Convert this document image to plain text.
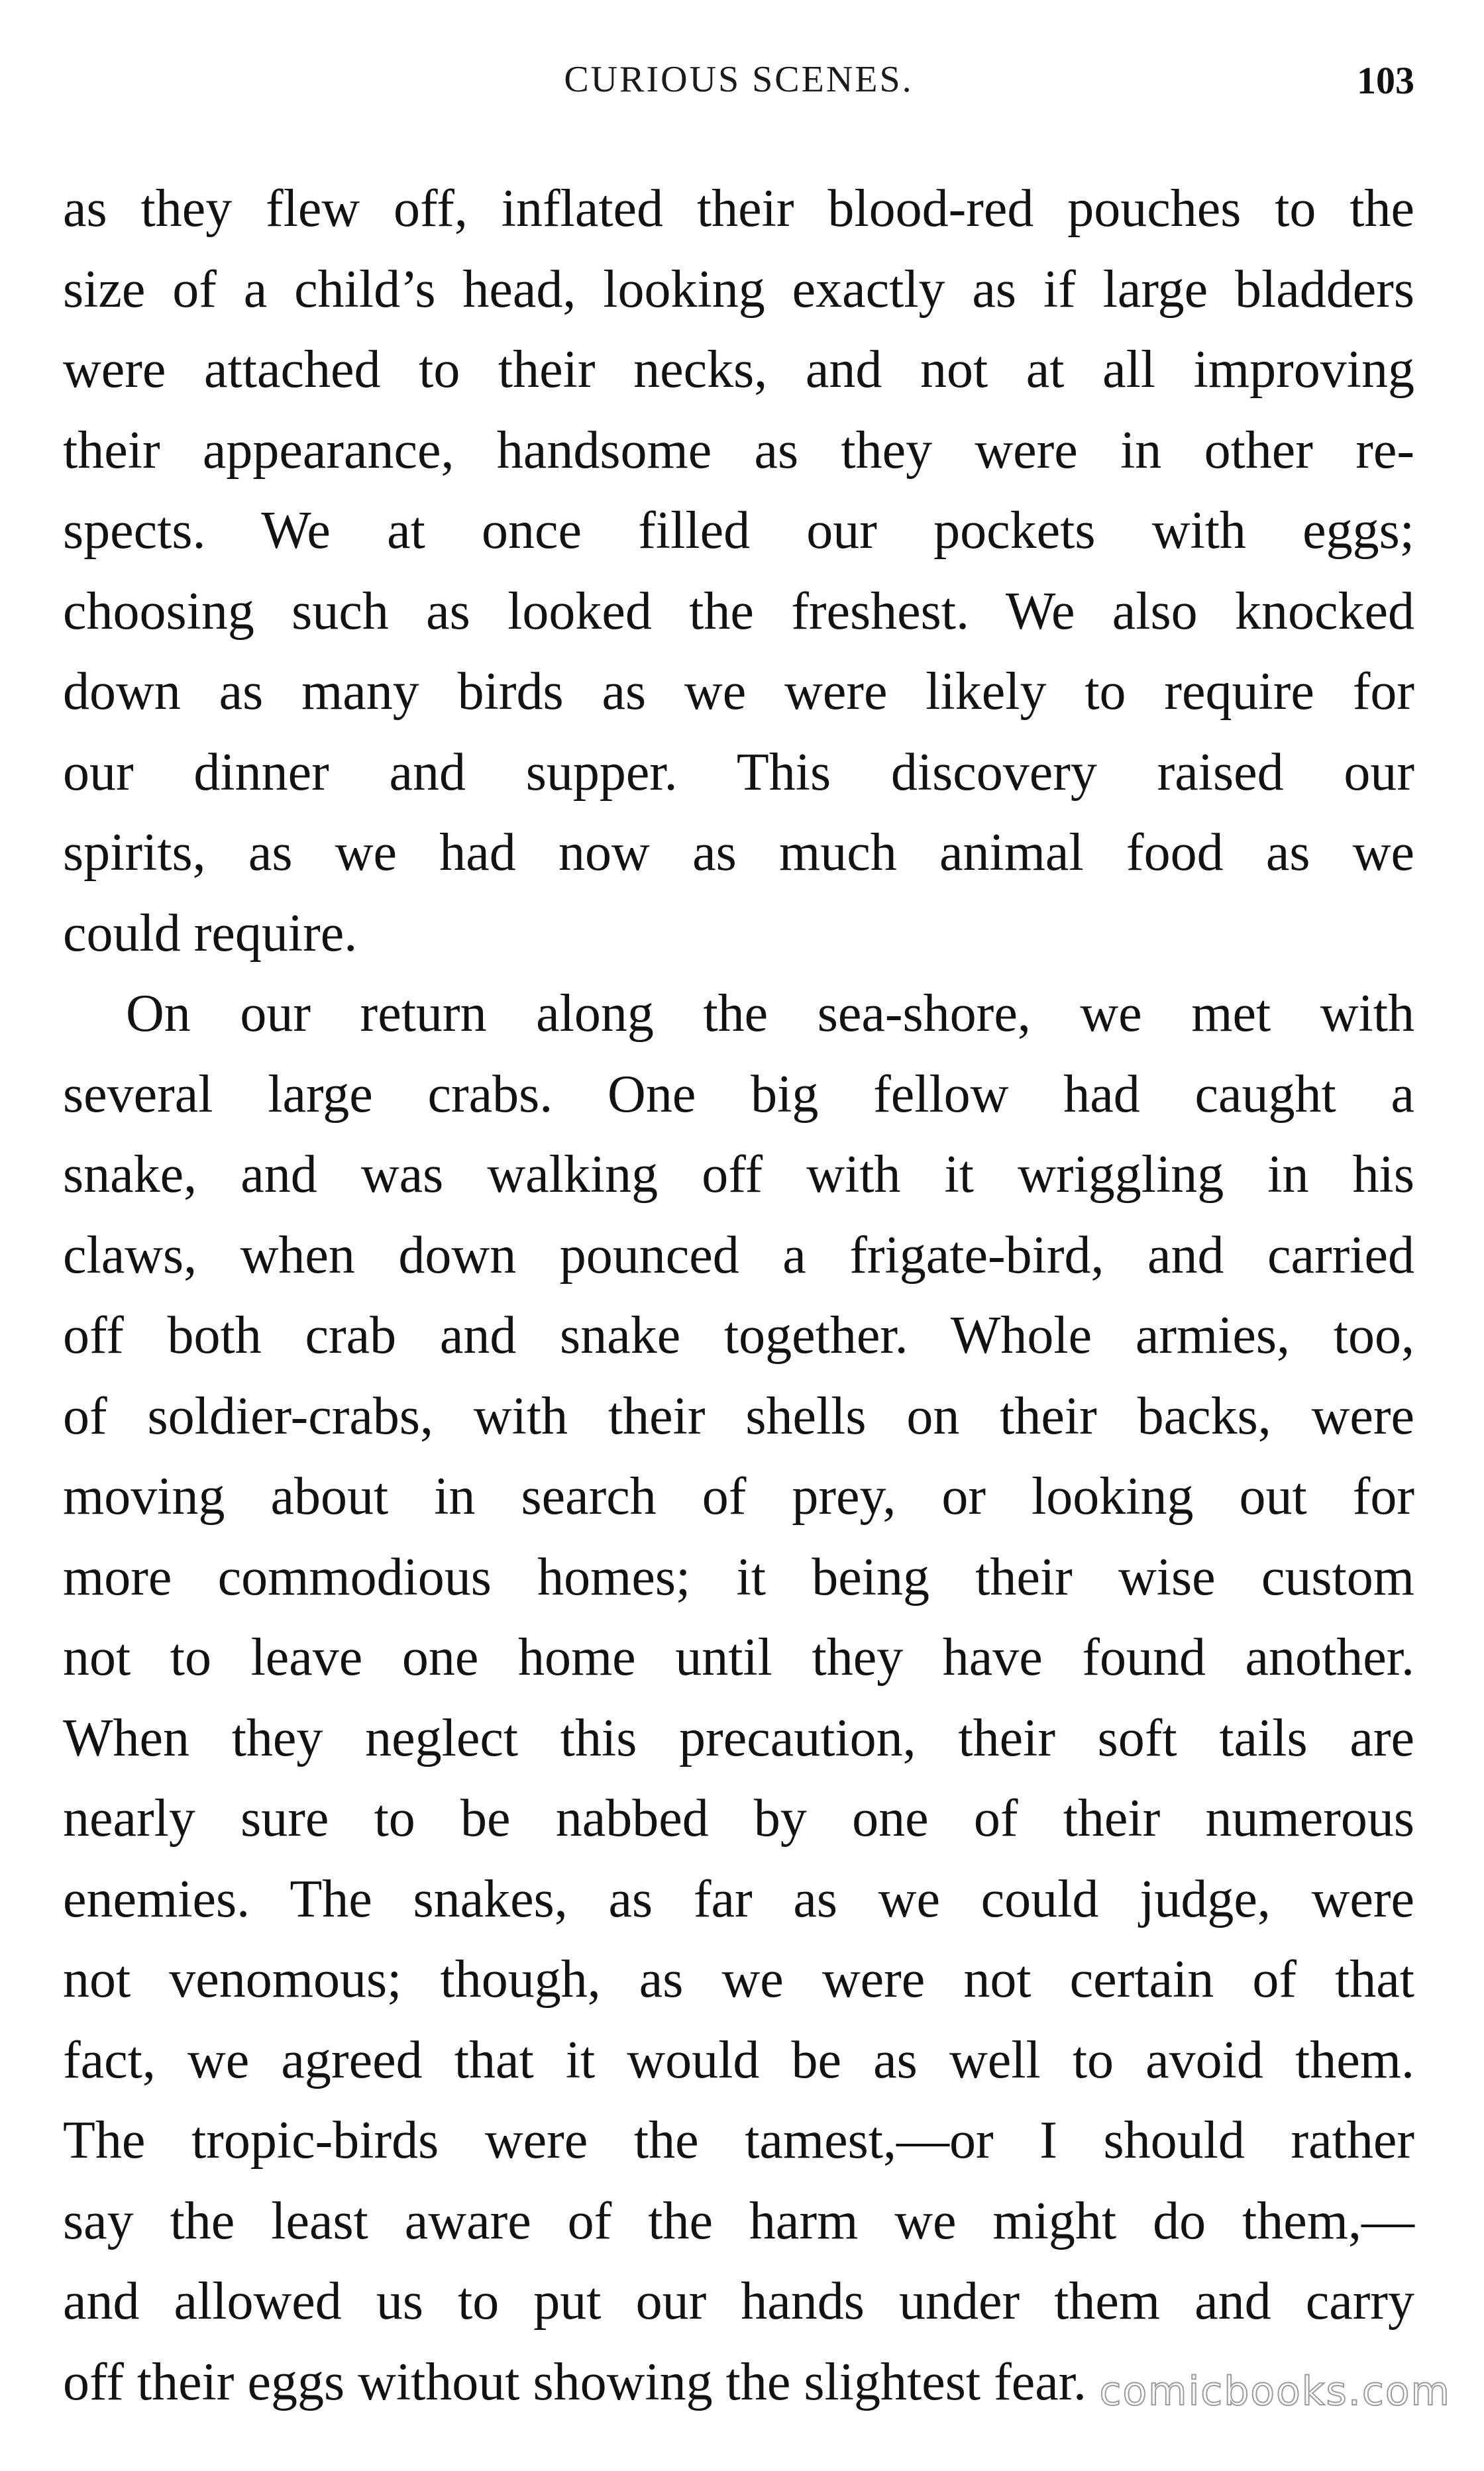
CURIOUS SCENES.	103
as they flew off, inflated their blood-red pouches to the
size of a child’s head, looking exactly as if large bladders
were attached to their necks, and not at all improving
their appearance, handsome as they were in other re-
spects. We at once filled our pockets with eggs;
choosing such as looked the freshest. We also knocked
down as many birds as we were likely to require for
our dinner and supper. This discovery raised our
spirits, as we had now as much animal food as we
could require.
On our return along the sea-shore, we met with
several large crabs. One big fellow had caught a
snake, and was walking off with it wriggling in his
claws, when down pounced a frigate-bird, and carried
off both crab and snake together. Whole armies, too,
of soldier-crabs, with their shells on their backs, were
moving about in search of prey, or looking out for
more commodious homes; it being their wise custom
not to leave one home until they have found another.
When they neglect this precaution, their soft tails are
nearly sure to be nabbed by one of their numerous
enemies. The snakes, as far as we could judge, were
not venomous; though, as we were not certain of that
fact, we agreed that it would be as well to avoid them.
The tropic-birds were the tamest,—or I should rather
say the least aware of the harm we might do them,—
and allowed us to put our hands under them and carry
off their eggs without showing the slightest fear. comicbooks.com
